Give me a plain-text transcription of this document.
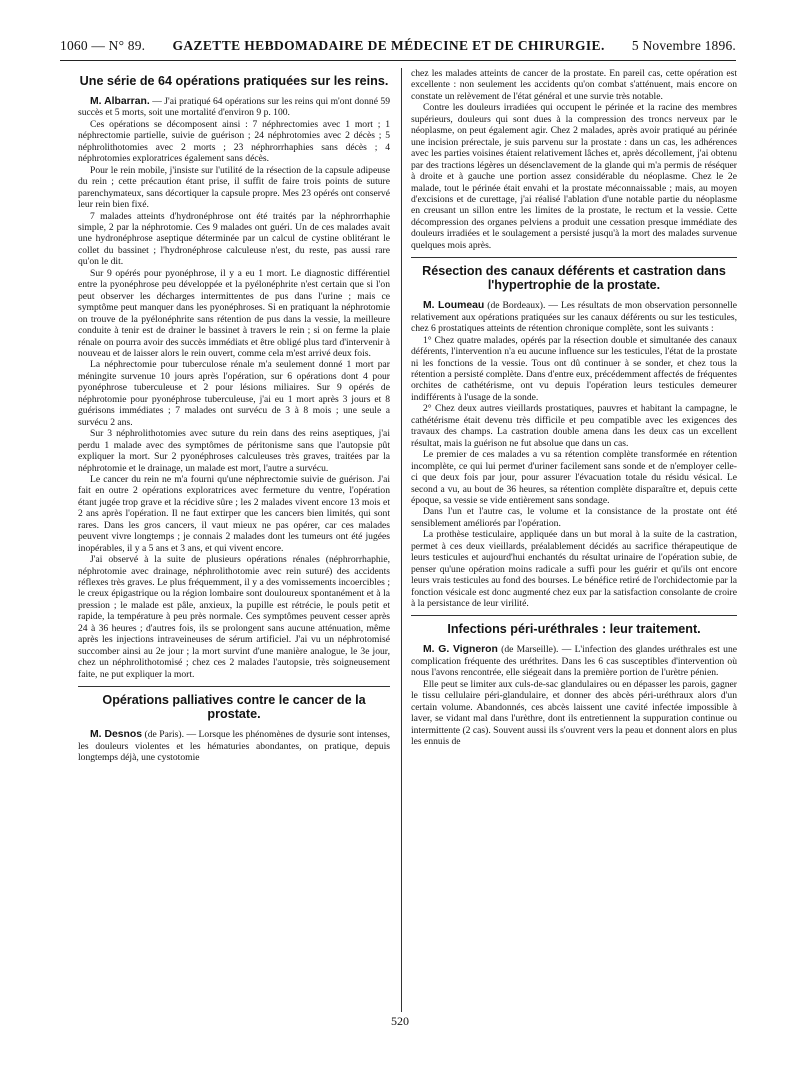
1060 — N° 89. GAZETTE HEBDOMADAIRE DE MÉDECINE ET DE CHIRURGIE. 5 Novembre 1896.
Une série de 64 opérations pratiquées sur les reins.

M. Albarran. — J'ai pratiqué 64 opérations sur les reins qui m'ont donné 59 succès et 5 morts, soit une mortalité d'environ 9 p. 100.

Ces opérations se décomposent ainsi : 7 néphrectomies avec 1 mort ; 1 néphrectomie partielle, suivie de guérison ; 24 néphrotomies avec 2 décès ; 5 néphrolithotomies avec 2 morts ; 23 néphrorrhaphies sans décès ; 4 néphrotomies exploratrices également sans décès.

Pour le rein mobile, j'insiste sur l'utilité de la résection de la capsule adipeuse du rein ; cette précaution étant prise, il suffit de faire trois points de suture parenchymateux, sans décortiquer la capsule propre. Mes 23 opérés ont conservé leur rein bien fixé.

7 malades atteints d'hydronéphrose ont été traités par la néphrorrhaphie simple, 2 par la néphrotomie. Ces 9 malades ont guéri. Un de ces malades avait une hydronéphrose aseptique déterminée par un calcul de cystine oblitérant le collet du bassinet ; l'hydronéphrose calculeuse n'est, du reste, pas aussi rare qu'on le dit.

Sur 9 opérés pour pyonéphrose, il y a eu 1 mort. Le diagnostic différentiel entre la pyonéphrose peu développée et la pyélonéphrite n'est certain que si l'on peut observer les décharges intermittentes de pus dans l'urine ; mais ce symptôme peut manquer dans les pyonéphroses. Si en pratiquant la néphrotomie on trouve de la pyélonéphrite sans rétention de pus dans la vessie, la meilleure conduite à tenir est de drainer le bassinet à travers le rein ; si on ferme la plaie rénale on pourra avoir des succès immédiats et être obligé plus tard d'intervenir à nouveau et de laisser alors le rein ouvert, comme cela m'est arrivé deux fois.

La néphrectomie pour tuberculose rénale m'a seulement donné 1 mort par méningite survenue 10 jours après l'opération, sur 6 opérations dont 4 pour pyonéphrose tuberculeuse et 2 pour lésions miliaires. Sur 9 opérés de néphrotomie pour pyonéphrose tuberculeuse, j'ai eu 1 mort après 3 jours et 8 guérisons immédiates ; 7 malades ont survécu de 3 à 8 mois ; une seule a survécu 2 ans.

Sur 3 néphrolithotomies avec suture du rein dans des reins aseptiques, j'ai perdu 1 malade avec des symptômes de péritonisme sans que l'autopsie pût expliquer la mort. Sur 2 pyonéphroses calculeuses très graves, traitées par la néphrotomie et le drainage, un malade est mort, l'autre a survécu.

Le cancer du rein ne m'a fourni qu'une néphrectomie suivie de guérison. J'ai fait en outre 2 opérations exploratrices avec fermeture du ventre, l'opération étant jugée trop grave et la récidive sûre ; les 2 malades vivent encore 13 mois et 2 ans après l'opération. Il ne faut extirper que les cancers bien limités, qui sont rares. Dans les gros cancers, il vaut mieux ne pas opérer, car ces malades peuvent vivre longtemps ; je connais 2 malades dont les tumeurs ont été jugées inopérables, il y a 5 ans et 3 ans, et qui vivent encore.

J'ai observé à la suite de plusieurs opérations rénales (néphrorrhaphie, néphrotomie avec drainage, néphrolithotomie avec rein suturé) des accidents réflexes très graves. Le plus fréquemment, il y a des vomissements incoercibles ; le creux épigastrique ou la région lombaire sont douloureux spontanément et à la pression ; le malade est pâle, anxieux, la pupille est rétrécie, le pouls petit et rapide, la température à peu près normale. Ces symptômes peuvent cesser après 24 à 36 heures ; d'autres fois, ils se prolongent sans aucune atténuation, même après les injections intraveineuses de sérum artificiel. J'ai vu un néphrotomisé succomber ainsi au 2e jour ; la mort survint d'une manière analogue, le 3e jour, chez un néphrolithotomisé ; chez ces 2 malades l'autopsie, très soigneusement faite, ne put expliquer la mort.

Opérations palliatives contre le cancer de la prostate.

M. Desnos (de Paris). — Lorsque les phénomènes de dysurie sont intenses, les douleurs violentes et les hématuries abondantes, on pratique, depuis longtemps déjà, une cystotomie

chez les malades atteints de cancer de la prostate. En pareil cas, cette opération est excellente : non seulement les accidents qu'on combat s'atténuent, mais encore on constate un relèvement de l'état général et une survie très notable.

Contre les douleurs irradiées qui occupent le périnée et la racine des membres supérieurs, douleurs qui sont dues à la compression des troncs nerveux par le néoplasme, on peut également agir. Chez 2 malades, après avoir pratiqué au périnée une incision prérectale, je suis parvenu sur la prostate : dans un cas, les adhérences avec les parties voisines étaient relativement lâches et, après décollement, j'ai obtenu par des tractions légères un désenclavement de la glande qui m'a permis de réséquer à droite et à gauche une portion assez considérable du néoplasme. Chez le 2e malade, tout le périnée était envahi et la prostate méconnaissable ; mais, au moyen d'excisions et de curettage, j'ai réalisé l'ablation d'une notable partie du néoplasme en creusant un sillon entre les limites de la prostate, le rectum et la vessie. Cette décompression des organes pelviens a produit une cessation presque immédiate des douleurs irradiées et le soulagement a persisté jusqu'à la mort des malades survenue quelques mois après.

Résection des canaux déférents et castration dans l'hypertrophie de la prostate.

M. Loumeau (de Bordeaux). — Les résultats de mon observation personnelle relativement aux opérations pratiquées sur les canaux déférents ou sur les testicules, chez 6 prostatiques atteints de rétention chronique complète, sont les suivants :

1° Chez quatre malades, opérés par la résection double et simultanée des canaux déférents, l'intervention n'a eu aucune influence sur les testicules, l'état de la prostate ni les fonctions de la vessie. Tous ont dû continuer à se sonder, et chez tous la rétention a persisté complète. Dans d'entre eux, précédemment affectés de fréquentes orchites de cathétérisme, ont vu depuis l'opération leurs testicules demeurer indifférents à l'usage de la sonde.

2° Chez deux autres vieillards prostatiques, pauvres et habitant la campagne, le cathétérisme était devenu très difficile et peu compatible avec les exigences des travaux des champs. La castration double amena dans les deux cas un excellent résultat, mais la guérison ne fut absolue que dans un cas.

Le premier de ces malades a vu sa rétention complète transformée en rétention incomplète, ce qui lui permet d'uriner facilement sans sonde et de n'employer celle-ci que deux fois par jour, pour assurer l'évacuation totale du résidu vésical. Le second a vu, au bout de 36 heures, sa rétention complète disparaître et, depuis cette époque, sa vessie se vide entièrement sans sondage.

Dans l'un et l'autre cas, le volume et la consistance de la prostate ont été sensiblement améliorés par l'opération.

La prothèse testiculaire, appliquée dans un but moral à la suite de la castration, permet à ces deux vieillards, préalablement décidés au sacrifice thérapeutique de leurs testicules et aujourd'hui enchantés du résultat urinaire de l'opération subie, de penser qu'une opération moins radicale a suffi pour les guérir et qu'ils ont encore leurs vrais testicules au fond des bourses. Le bénéfice retiré de l'orchidectomie par la fonction vésicale est donc augmenté chez eux par la satisfaction consolante de croire à la persistance de leur virilité.

Infections péri-uréthrales : leur traitement.

M. G. Vigneron (de Marseille). — L'infection des glandes uréthrales est une complication fréquente des uréthrites. Dans les 6 cas susceptibles d'intervention où nous l'avons rencontrée, elle siégeait dans la première portion de l'urètre pénien.

Elle peut se limiter aux culs-de-sac glandulaires ou en dépasser les parois, gagner le tissu cellulaire péri-glandulaire, et donner des abcès péri-uréthraux alors d'un certain volume. Abandonnés, ces abcès laissent une cavité infectée impossible à laver, se vidant mal dans l'urèthre, dont ils entretiennent la suppuration continue ou intermittente (2 cas). Souvent aussi ils s'ouvrent vers la peau et donnent alors en plus les ennuis de

520
